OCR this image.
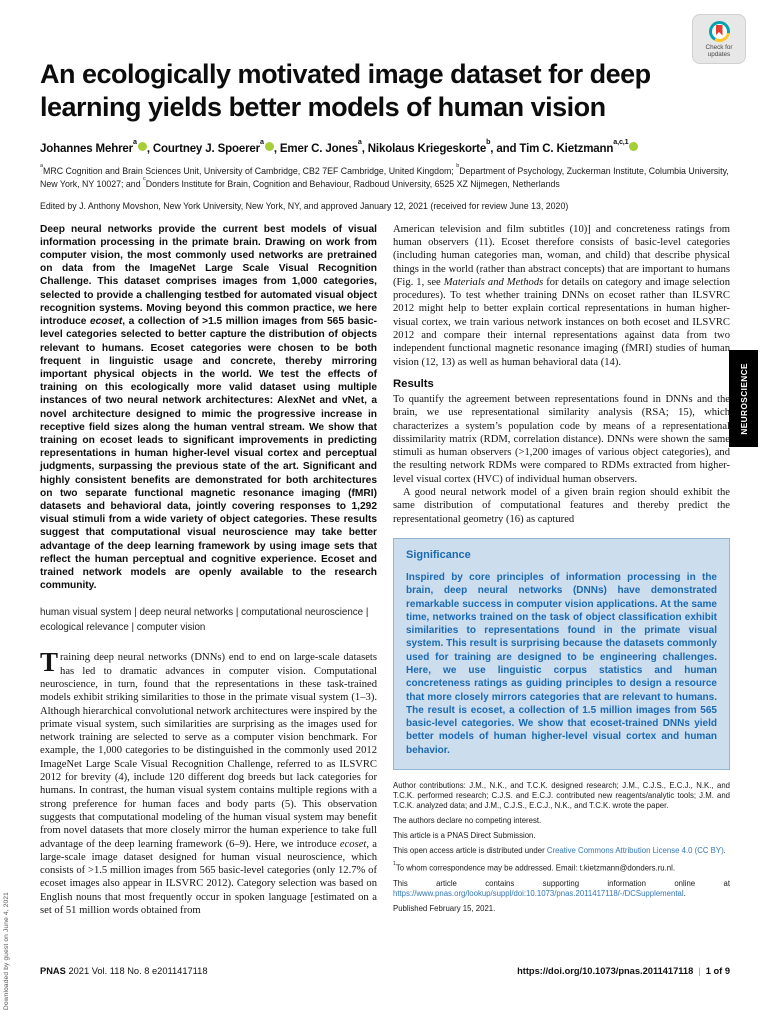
Downloaded by guest on June 4, 2021
Check for
updates
NEUROSCIENCE
An ecologically motivated image dataset for deep learning yields better models of human vision
Johannes Mehrer$^a$, Courtney J. Spoerer$^a$, Emer C. Jones$^a$, Nikolaus Kriegeskorte$^b$, and Tim C. Kietzmann$^{a,c,1}$
$^a$MRC Cognition and Brain Sciences Unit, University of Cambridge, CB2 7EF Cambridge, United Kingdom; $^b$Department of Psychology, Zuckerman Institute, Columbia University, New York, NY 10027; and $^c$Donders Institute for Brain, Cognition and Behaviour, Radboud University, 6525 XZ Nijmegen, Netherlands
Edited by J. Anthony Movshon, New York University, New York, NY, and approved January 12, 2021 (received for review June 13, 2020)

Deep neural networks provide the current best models of visual information processing in the primate brain. Drawing on work from computer vision, the most commonly used networks are pretrained on data from the ImageNet Large Scale Visual Recognition Challenge. This dataset comprises images from 1,000 categories, selected to provide a challenging testbed for automated visual object recognition systems. Moving beyond this common practice, we here introduce ecoset, a collection of >1.5 million images from 565 basic-level categories selected to better capture the distribution of objects relevant to humans. Ecoset categories were chosen to be both frequent in linguistic usage and concrete, thereby mirroring important physical objects in the world. We test the effects of training on this ecologically more valid dataset using multiple instances of two neural network architectures: AlexNet and vNet, a novel architecture designed to mimic the progressive increase in receptive field sizes along the human ventral stream. We show that training on ecoset leads to significant improvements in predicting representations in human higher-level visual cortex and perceptual judgments, surpassing the previous state of the art. Significant and highly consistent benefits are demonstrated for both architectures on two separate functional magnetic resonance imaging (fMRI) datasets and behavioral data, jointly covering responses to 1,292 visual stimuli from a wide variety of object categories. These results suggest that computational visual neuroscience may take better advantage of the deep learning framework by using image sets that reflect the human perceptual and cognitive experience. Ecoset and trained network models are openly available to the research community.

human visual system | deep neural networks | computational neuroscience | ecological relevance | computer vision

Training deep neural networks (DNNs) end to end on large-scale datasets has led to dramatic advances in computer vision. Computational neuroscience, in turn, found that the representations in these task-trained models exhibit striking similarities to those in the primate visual system (1–3). Although hierarchical convolutional network architectures were inspired by the primate visual system, such similarities are surprising as the images used for network training are selected to serve as a computer vision benchmark. For example, the 1,000 categories to be distinguished in the commonly used 2012 ImageNet Large Scale Visual Recognition Challenge, referred to as ILSVRC 2012 for brevity (4), include 120 different dog breeds but lack categories for humans. In contrast, the human visual system contains multiple regions with a strong preference for human faces and body parts (5). This observation suggests that computational modeling of the human visual system may benefit from novel datasets that more closely mirror the human experience to take full advantage of the deep learning framework (6–9). Here, we introduce ecoset, a large-scale image dataset designed for human visual neuroscience, which consists of >1.5 million images from 565 basic-level categories (only 12.7% of ecoset images also appear in ILSVRC 2012). Category selection was based on English nouns that most frequently occur in spoken language [estimated on a set of 51 million words obtained from

American television and film subtitles (10)] and concreteness ratings from human observers (11). Ecoset therefore consists of basic-level categories (including human categories man, woman, and child) that describe physical things in the world (rather than abstract concepts) that are important to humans (Fig. 1, see Materials and Methods for details on category and image selection procedures). To test whether training DNNs on ecoset rather than ILSVRC 2012 might help to better explain cortical representations in human higher-visual cortex, we train various network instances on both ecoset and ILSVRC 2012 and compare their internal representations against data from two independent functional magnetic resonance imaging (fMRI) studies of human vision (12, 13) as well as human behavioral data (14).

Results

To quantify the agreement between representations found in DNNs and the brain, we use representational similarity analysis (RSA; 15), which characterizes a system’s population code by means of a representational dissimilarity matrix (RDM, correlation distance). DNNs were shown the same stimuli as human observers (>1,200 images of various object categories), and the resulting network RDMs were compared to RDMs extracted from higher-level visual cortex (HVC) of individual human observers.

A good neural network model of a given brain region should exhibit the same distribution of computational features and thereby predict the representational geometry (16) as captured

Significance
Inspired by core principles of information processing in the brain, deep neural networks (DNNs) have demonstrated remarkable success in computer vision applications. At the same time, networks trained on the task of object classification exhibit similarities to representations found in the primate visual system. This result is surprising because the datasets commonly used for training are designed to be engineering challenges. Here, we use linguistic corpus statistics and human concreteness ratings as guiding principles to design a resource that more closely mirrors categories that are relevant to humans. The result is ecoset, a collection of 1.5 million images from 565 basic-level categories. We show that ecoset-trained DNNs yield better models of human higher-level visual cortex and human behavior.

Author contributions: J.M., N.K., and T.C.K. designed research; J.M., C.J.S., E.C.J., N.K., and T.C.K. performed research; C.J.S. and E.C.J. contributed new reagents/analytic tools; J.M. and T.C.K. analyzed data; and J.M., C.J.S., E.C.J., N.K., and T.C.K. wrote the paper.

The authors declare no competing interest.

This article is a PNAS Direct Submission.

This open access article is distributed under Creative Commons Attribution License 4.0 (CC BY).

$^1$To whom correspondence may be addressed. Email: t.kietzmann@donders.ru.nl.

This article contains supporting information online at https://www.pnas.org/lookup/suppl/doi:10.1073/pnas.2011417118/-/DCSupplemental.

Published February 15, 2021.

PNAS 2021 Vol. 118 No. 8 e2011417118	https://doi.org/10.1073/pnas.2011417118 | 1 of 9
